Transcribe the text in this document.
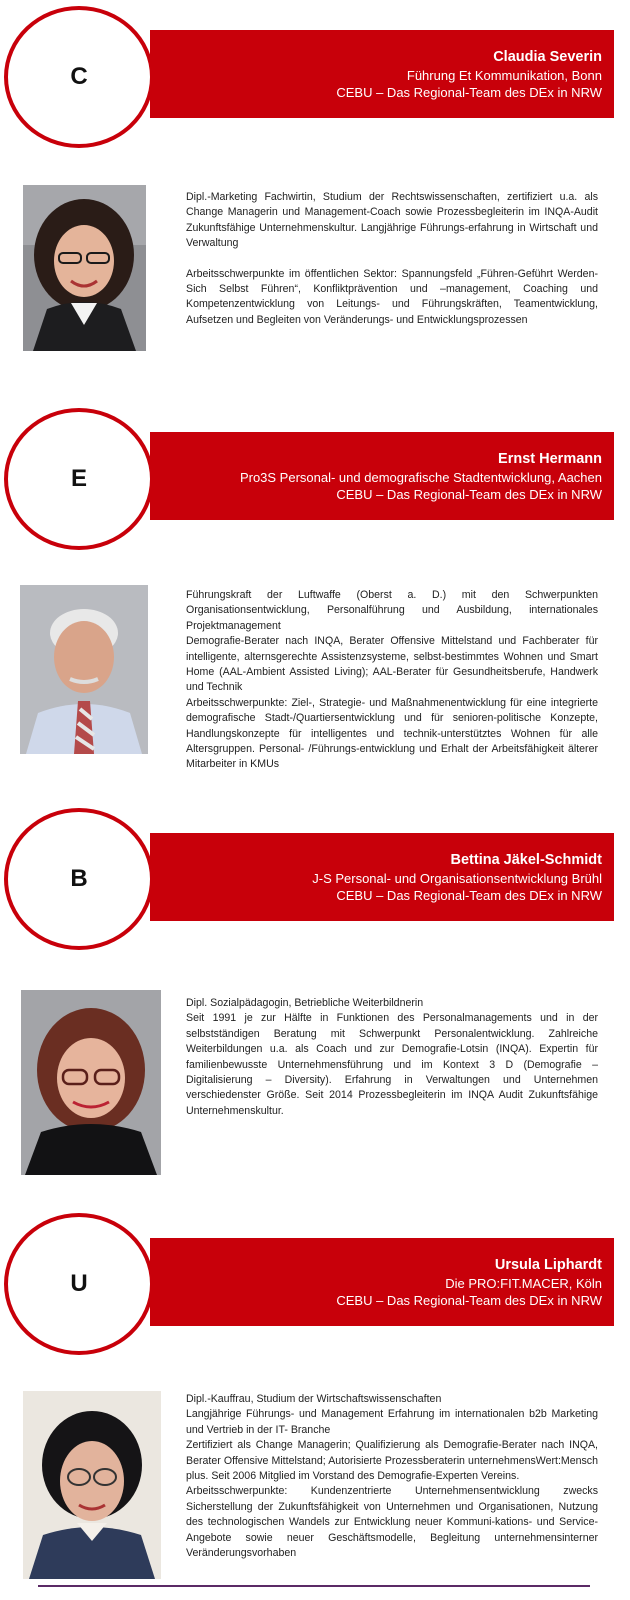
Claudia Severin
Führung Et Kommunikation, Bonn
CEBU – Das Regional-Team des DEx in NRW
C

Dipl.-Marketing Fachwirtin, Studium der Rechtswissenschaften, zertifiziert u.a. als Change Managerin und Management-Coach sowie Prozessbegleiterin im INQA-Audit Zukunftsfähige Unternehmenskultur. Langjährige Führungs-erfahrung in Wirtschaft und Verwaltung

Arbeitsschwerpunkte im öffentlichen Sektor: Spannungsfeld „Führen-Geführt Werden-Sich Selbst Führen“, Konfliktprävention und –management, Coaching und Kompetenzentwicklung von Leitungs- und Führungskräften, Teamentwicklung, Aufsetzen und Begleiten von Veränderungs- und Entwicklungsprozessen

Ernst Hermann
Pro3S Personal- und demografische Stadtentwicklung, Aachen
CEBU – Das Regional-Team des DEx in NRW
E

Führungskraft der Luftwaffe (Oberst a. D.) mit den Schwerpunkten Organisationsentwicklung, Personalführung und Ausbildung, internationales Projektmanagement

Demografie-Berater nach INQA, Berater Offensive Mittelstand und Fachberater für intelligente, alternsgerechte Assistenzsysteme, selbst-bestimmtes Wohnen und Smart Home (AAL-Ambient Assisted Living); AAL-Berater für Gesundheitsberufe, Handwerk und Technik

Arbeitsschwerpunkte: Ziel-, Strategie- und Maßnahmenentwicklung für eine integrierte demografische Stadt-/Quartiersentwicklung und für senioren-politische Konzepte, Handlungskonzepte für intelligentes und technik-unterstütztes Wohnen für alle Altersgruppen. Personal- /Führungs-entwicklung und Erhalt der Arbeitsfähigkeit älterer Mitarbeiter in KMUs

Bettina Jäkel-Schmidt
J-S Personal- und Organisationsentwicklung Brühl
CEBU – Das Regional-Team des DEx in NRW
B

Dipl. Sozialpädagogin, Betriebliche Weiterbildnerin

Seit 1991 je zur Hälfte in Funktionen des Personalmanagements und in der selbstständigen Beratung mit Schwerpunkt Personalentwicklung. Zahlreiche Weiterbildungen u.a. als Coach und zur Demografie-Lotsin (INQA). Expertin für familienbewusste Unternehmensführung und im Kontext 3 D (Demografie – Digitalisierung – Diversity). Erfahrung in Verwaltungen und Unternehmen verschiedenster Größe. Seit 2014 Prozessbegleiterin im INQA Audit Zukunftsfähige Unternehmenskultur.

Ursula Liphardt
Die PRO:FIT.MACER, Köln
CEBU – Das Regional-Team des DEx in NRW
U

Dipl.-Kauffrau, Studium der Wirtschaftswissenschaften

Langjährige Führungs- und Management Erfahrung im internationalen b2b Marketing und Vertrieb in der IT- Branche

Zertifiziert als Change Managerin; Qualifizierung als Demografie-Berater nach INQA, Berater Offensive Mittelstand; Autorisierte Prozessberaterin unternehmensWert:Mensch plus. Seit 2006 Mitglied im Vorstand des Demografie-Experten Vereins.

Arbeitsschwerpunkte: Kundenzentrierte Unternehmensentwicklung zwecks Sicherstellung der Zukunftsfähigkeit von Unternehmen und Organisationen, Nutzung des technologischen Wandels zur Entwicklung neuer Kommuni-kations- und Service-Angebote sowie neuer Geschäftsmodelle, Begleitung unternehmensinterner Veränderungsvorhaben
